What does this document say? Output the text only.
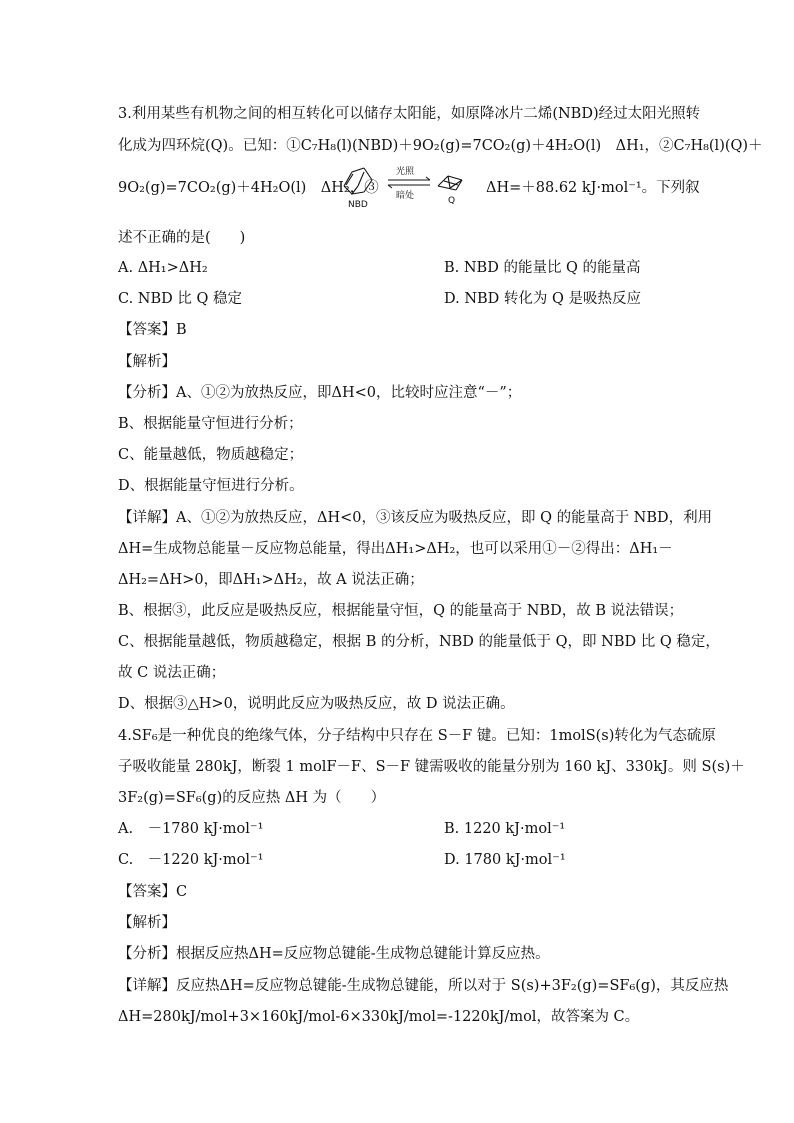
3.利用某些有机物之间的相互转化可以储存太阳能，如原降冰片二烯(NBD)经过太阳光照转
化成为四环烷(Q)。已知：①C₇H₈(l)(NBD)＋9O₂(g)=7CO₂(g)＋4H₂O(l)　ΔH₁，②C₇H₈(l)(Q)＋
9O₂(g)=7CO₂(g)＋4H₂O(l)　ΔH₂，③
NBD
光照
暗处	Q
ΔH=＋88.62 kJ·mol⁻¹。下列叙
述不正确的是(　　)
A. ΔH₁>ΔH₂	B. NBD 的能量比 Q 的能量高
C. NBD 比 Q 稳定	D. NBD 转化为 Q 是吸热反应
【答案】B
【解析】
【分析】A、①②为放热反应，即ΔH<0，比较时应注意“－”；
B、根据能量守恒进行分析；
C、能量越低，物质越稳定；
D、根据能量守恒进行分析。
【详解】A、①②为放热反应，ΔH<0，③该反应为吸热反应，即 Q 的能量高于 NBD，利用
ΔH=生成物总能量－反应物总能量，得出ΔH₁>ΔH₂，也可以采用①－②得出：ΔH₁－
ΔH₂=ΔH>0，即ΔH₁>ΔH₂，故 A 说法正确；
B、根据③，此反应是吸热反应，根据能量守恒，Q 的能量高于 NBD，故 B 说法错误；
C、根据能量越低，物质越稳定，根据 B 的分析，NBD 的能量低于 Q，即 NBD 比 Q 稳定，
故 C 说法正确；
D、根据③△H>0，说明此反应为吸热反应，故 D 说法正确。
4.SF₆是一种优良的绝缘气体，分子结构中只存在 S－F 键。已知：1molS(s)转化为气态硫原
子吸收能量 280kJ，断裂 1 molF－F、S－F 键需吸收的能量分别为 160 kJ、330kJ。则 S(s)＋
3F₂(g)=SF₆(g)的反应热 ΔH 为（　　）
A.　－1780 kJ·mol⁻¹	B. 1220 kJ·mol⁻¹
C.　－1220 kJ·mol⁻¹	D. 1780 kJ·mol⁻¹
【答案】C
【解析】
【分析】根据反应热ΔH=反应物总键能-生成物总键能计算反应热。
【详解】反应热ΔH=反应物总键能-生成物总键能，所以对于 S(s)+3F₂(g)=SF₆(g)，其反应热
ΔH=280kJ/mol+3×160kJ/mol-6×330kJ/mol=-1220kJ/mol，故答案为 C。
